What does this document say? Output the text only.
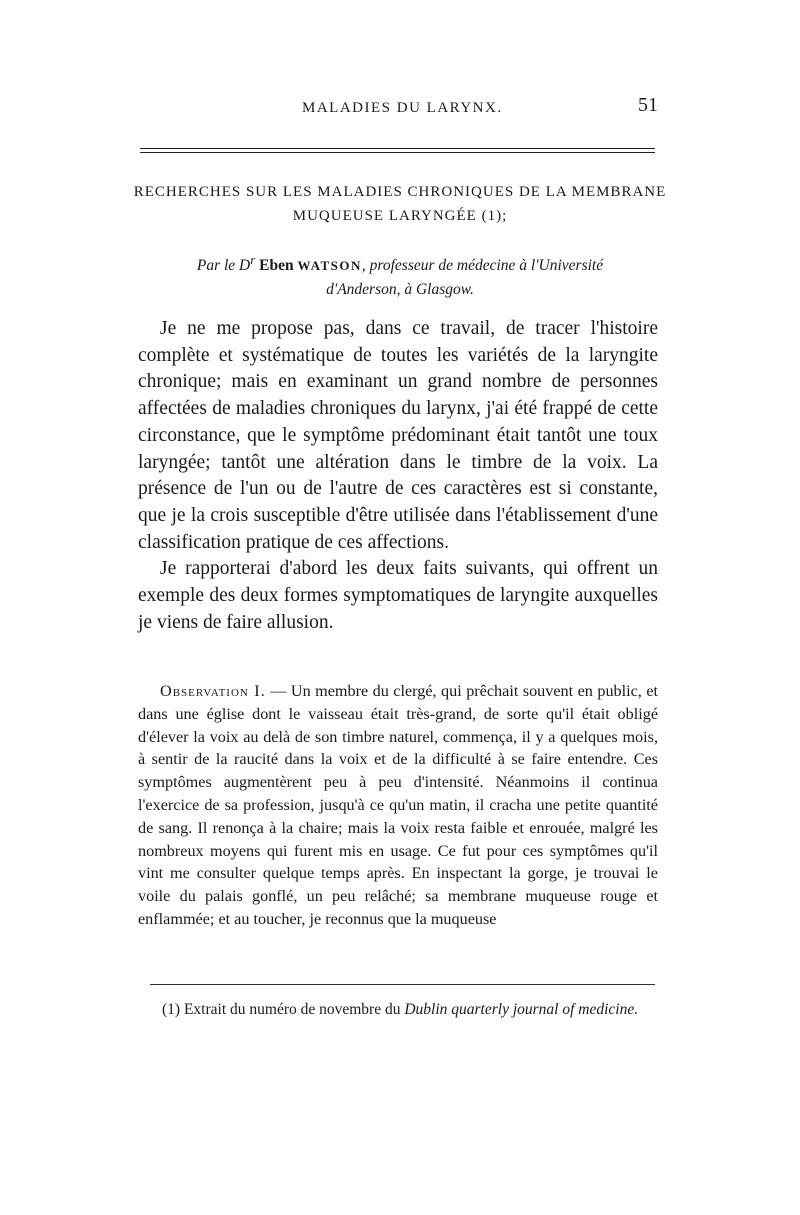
MALADIES DU LARYNX.	51
RECHERCHES SUR LES MALADIES CHRONIQUES DE LA MEMBRANE
MUQUEUSE LARYNGÉE (1);
Par le $D^r$ Eben WATSON, professeur de médecine à l'Université
d'Anderson, à Glasgow.

Je ne me propose pas, dans ce travail, de tracer l'histoire complète et systématique de toutes les variétés de la laryngite chronique; mais en examinant un grand nombre de personnes affectées de maladies chroniques du larynx, j'ai été frappé de cette circonstance, que le symptôme prédominant était tantôt une toux laryngée; tantôt une altération dans le timbre de la voix. La présence de l'un ou de l'autre de ces caractères est si constante, que je la crois susceptible d'être utilisée dans l'établissement d'une classification pratique de ces affections.

Je rapporterai d'abord les deux faits suivants, qui offrent un exemple des deux formes symptomatiques de laryngite auxquelles je viens de faire allusion.

Observation I. — Un membre du clergé, qui prêchait souvent en public, et dans une église dont le vaisseau était très-grand, de sorte qu'il était obligé d'élever la voix au delà de son timbre naturel, commença, il y a quelques mois, à sentir de la raucité dans la voix et de la difficulté à se faire entendre. Ces symptômes augmentèrent peu à peu d'intensité. Néanmoins il continua l'exercice de sa profession, jusqu'à ce qu'un matin, il cracha une petite quantité de sang. Il renonça à la chaire; mais la voix resta faible et enrouée, malgré les nombreux moyens qui furent mis en usage. Ce fut pour ces symptômes qu'il vint me consulter quelque temps après. En inspectant la gorge, je trouvai le voile du palais gonflé, un peu relâché; sa membrane muqueuse rouge et enflammée; et au toucher, je reconnus que la muqueuse

(1) Extrait du numéro de novembre du Dublin quarterly journal of medicine.
